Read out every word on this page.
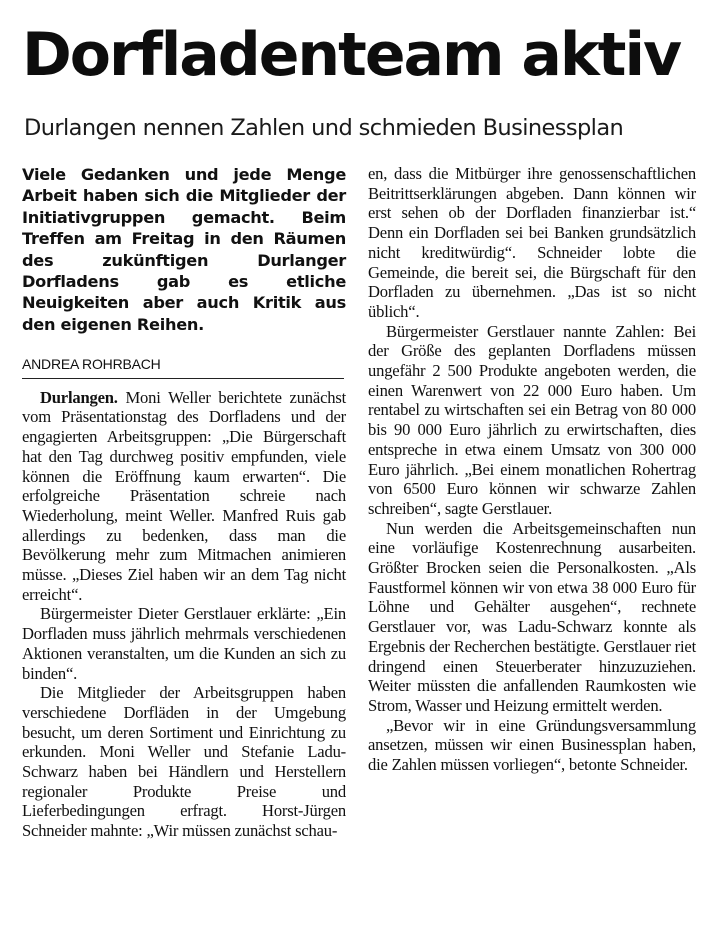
Dorfladenteam aktiv
Durlangen nennen Zahlen und schmieden Businessplan

Viele Gedanken und jede Menge Arbeit haben sich die Mitglieder der Initiativgruppen gemacht. Beim Treffen am Freitag in den Räumen des zukünftigen Durlanger Dorfladens gab es etliche Neuigkeiten aber auch Kritik aus den eigenen Reihen.

ANDREA ROHRBACH

Durlangen. Moni Weller berichtete zunächst vom Präsentationstag des Dorfladens und der engagierten Arbeitsgruppen: „Die Bürgerschaft hat den Tag durchweg positiv empfunden, viele können die Eröffnung kaum erwarten“. Die erfolgreiche Präsentation schreie nach Wiederholung, meint Weller. Manfred Ruis gab allerdings zu bedenken, dass man die Bevölkerung mehr zum Mitmachen animieren müsse. „Dieses Ziel haben wir an dem Tag nicht erreicht“.

Bürgermeister Dieter Gerstlauer erklärte: „Ein Dorfladen muss jährlich mehrmals verschiedenen Aktionen veranstalten, um die Kunden an sich zu binden“.

Die Mitglieder der Arbeitsgruppen haben verschiedene Dorfläden in der Umgebung besucht, um deren Sortiment und Einrichtung zu erkunden. Moni Weller und Stefanie Ladu-Schwarz haben bei Händlern und Herstellern regionaler Produkte Preise und Lieferbedingungen erfragt. Horst-Jürgen Schneider mahnte: „Wir müssen zunächst schau-

en, dass die Mitbürger ihre genossenschaftlichen Beitrittserklärungen abgeben. Dann können wir erst sehen ob der Dorfladen finanzierbar ist.“ Denn ein Dorfladen sei bei Banken grundsätzlich nicht kreditwürdig“. Schneider lobte die Gemeinde, die bereit sei, die Bürgschaft für den Dorfladen zu übernehmen. „Das ist so nicht üblich“.

Bürgermeister Gerstlauer nannte Zahlen: Bei der Größe des geplanten Dorfladens müssen ungefähr 2 500 Produkte angeboten werden, die einen Warenwert von 22 000 Euro haben. Um rentabel zu wirtschaften sei ein Betrag von 80 000 bis 90 000 Euro jährlich zu erwirtschaften, dies entspreche in etwa einem Umsatz von 300 000 Euro jährlich. „Bei einem monatlichen Rohertrag von 6500 Euro können wir schwarze Zahlen schreiben“, sagte Gerstlauer.

Nun werden die Arbeitsgemeinschaften nun eine vorläufige Kostenrechnung ausarbeiten. Größter Brocken seien die Personalkosten. „Als Faustformel können wir von etwa 38 000 Euro für Löhne und Gehälter ausgehen“, rechnete Gerstlauer vor, was Ladu-Schwarz konnte als Ergebnis der Recherchen bestätigte. Gerstlauer riet dringend einen Steuerberater hinzuzuziehen. Weiter müssten die anfallenden Raumkosten wie Strom, Wasser und Heizung ermittelt werden.

„Bevor wir in eine Gründungsversammlung ansetzen, müssen wir einen Businessplan haben, die Zahlen müssen vorliegen“, betonte Schneider.
